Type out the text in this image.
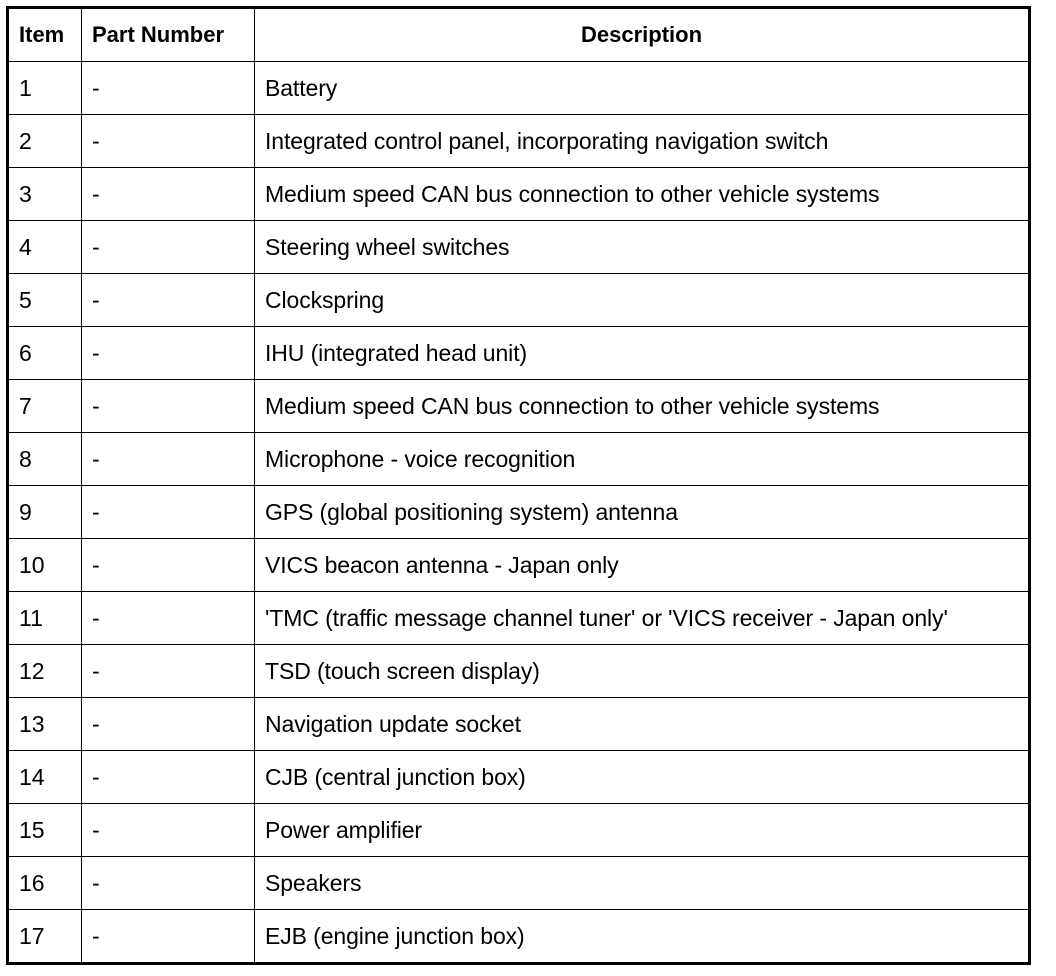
Item	Part Number	Description
1	-	Battery
2	-	Integrated control panel, incorporating navigation switch
3	-	Medium speed CAN bus connection to other vehicle systems
4	-	Steering wheel switches
5	-	Clockspring
6	-	IHU (integrated head unit)
7	-	Medium speed CAN bus connection to other vehicle systems
8	-	Microphone - voice recognition
9	-	GPS (global positioning system) antenna
10	-	VICS beacon antenna - Japan only
11	-	'TMC (traffic message channel tuner' or 'VICS receiver - Japan only'
12	-	TSD (touch screen display)
13	-	Navigation update socket
14	-	CJB (central junction box)
15	-	Power amplifier
16	-	Speakers
17	-	EJB (engine junction box)
